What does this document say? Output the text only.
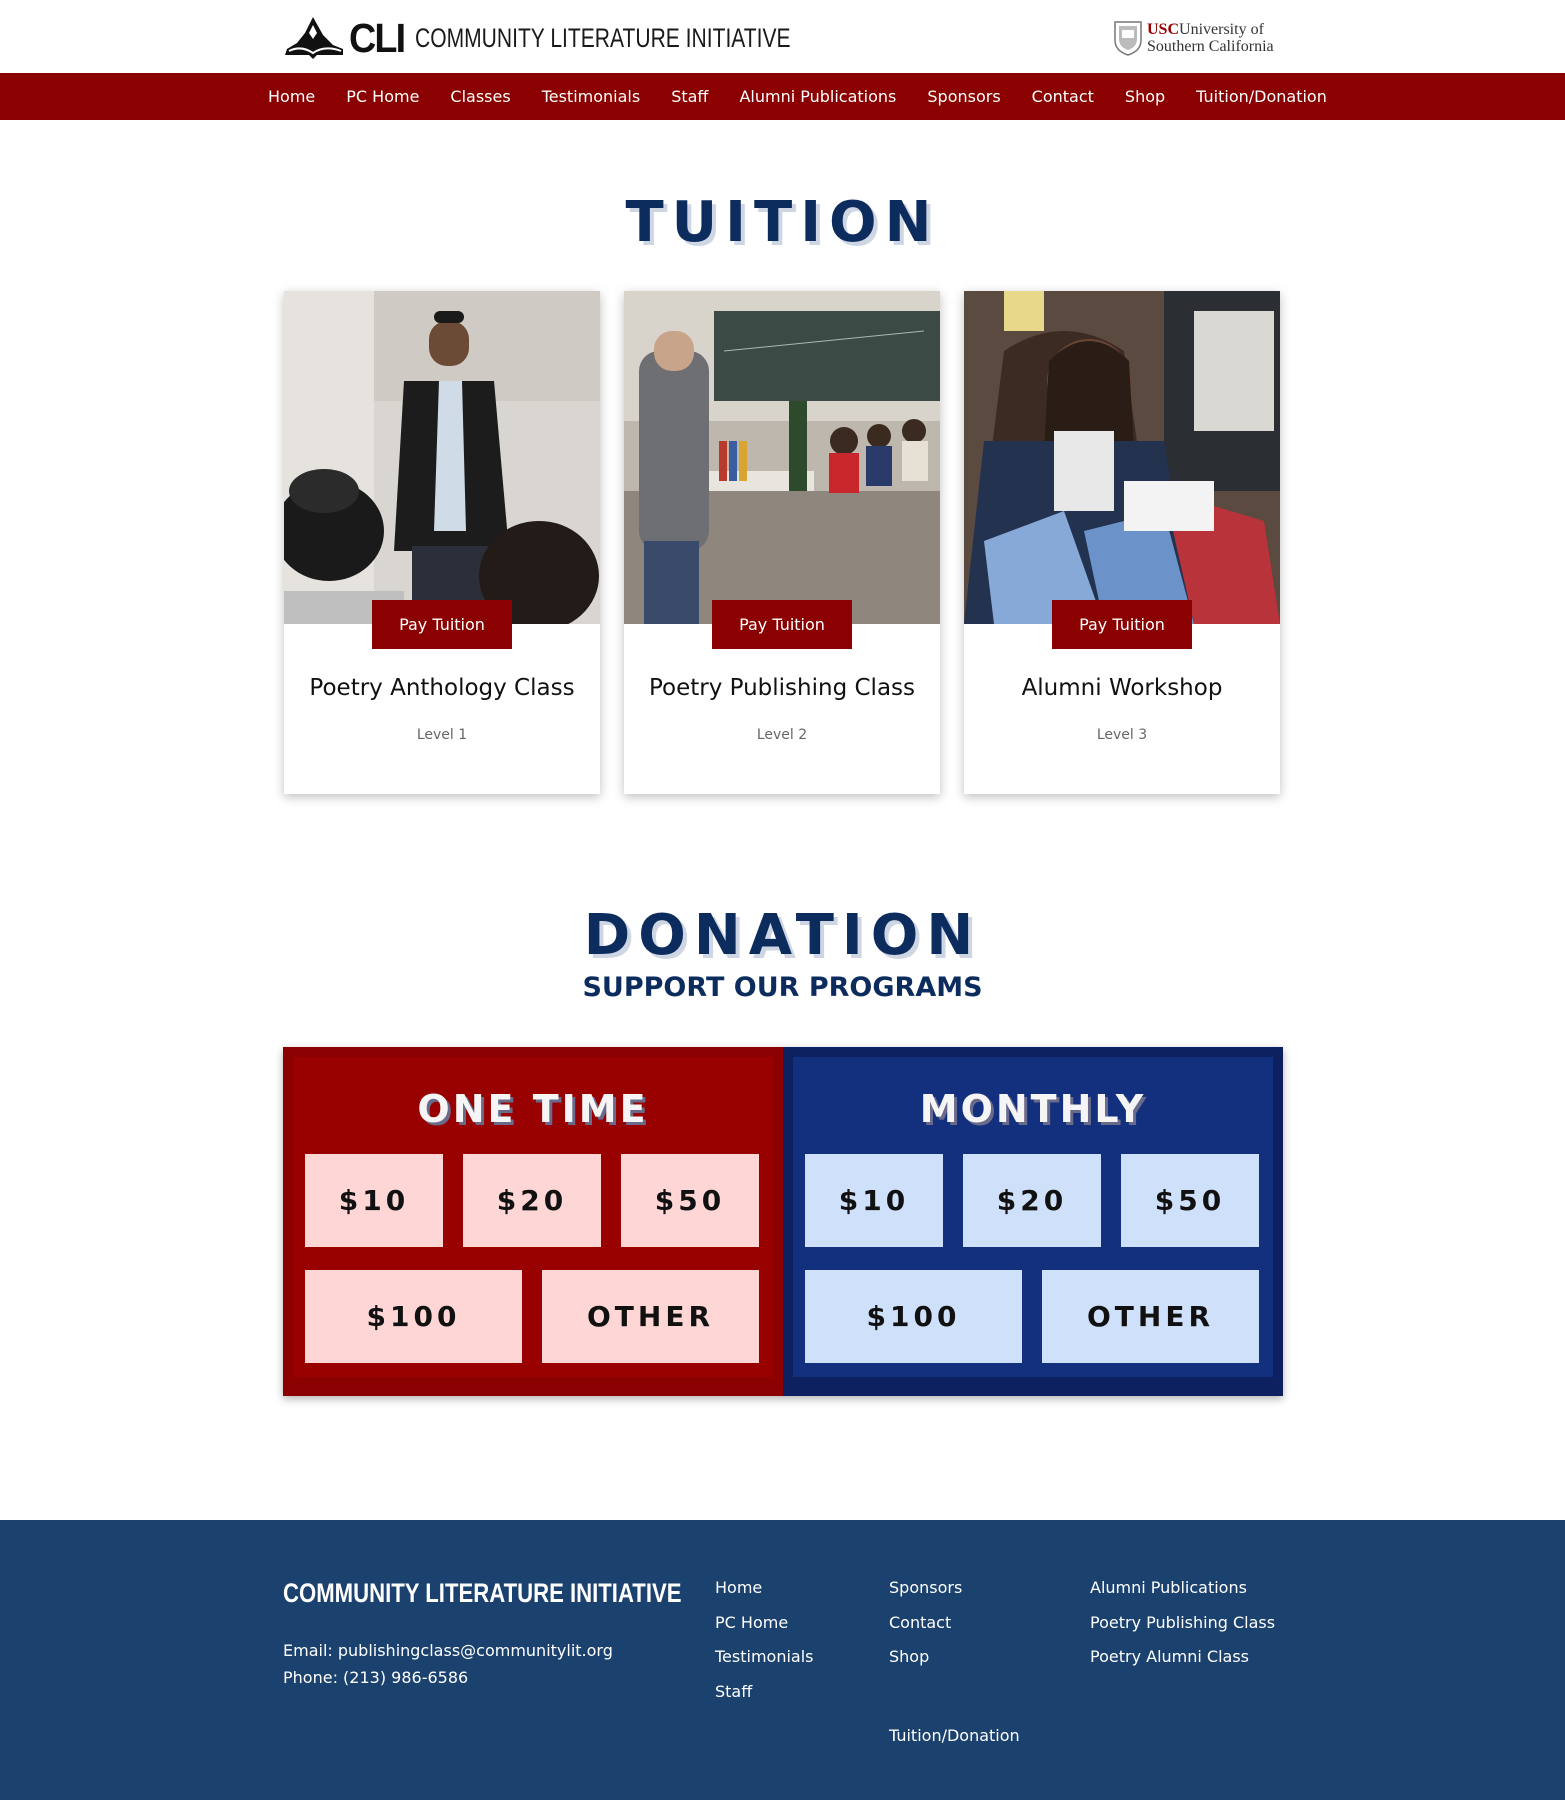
CLI COMMUNITY LITERATURE INITIATIVE	USCUniversity of
Southern California
Home PC Home Classes Testimonials Staff Alumni Publications Sponsors Contact Shop Tuition/Donation
TUITION
Pay Tuition
Poetry Anthology Class
Level 1
Pay Tuition
Poetry Publishing Class
Level 2
Pay Tuition
Alumni Workshop
Level 3
DONATION
SUPPORT OUR PROGRAMS
ONE TIME
$10	$20	$50
$100	OTHER
MONTHLY
$10	$20	$50
$100	OTHER
COMMUNITY LITERATURE INITIATIVE
Email: publishingclass@communitylit.org
Phone: (213) 986-6586
Home
PC Home
Testimonials
Staff
Sponsors
Contact
Shop
Alumni Publications
Poetry Publishing Class
Poetry Alumni Class
Tuition/Donation
